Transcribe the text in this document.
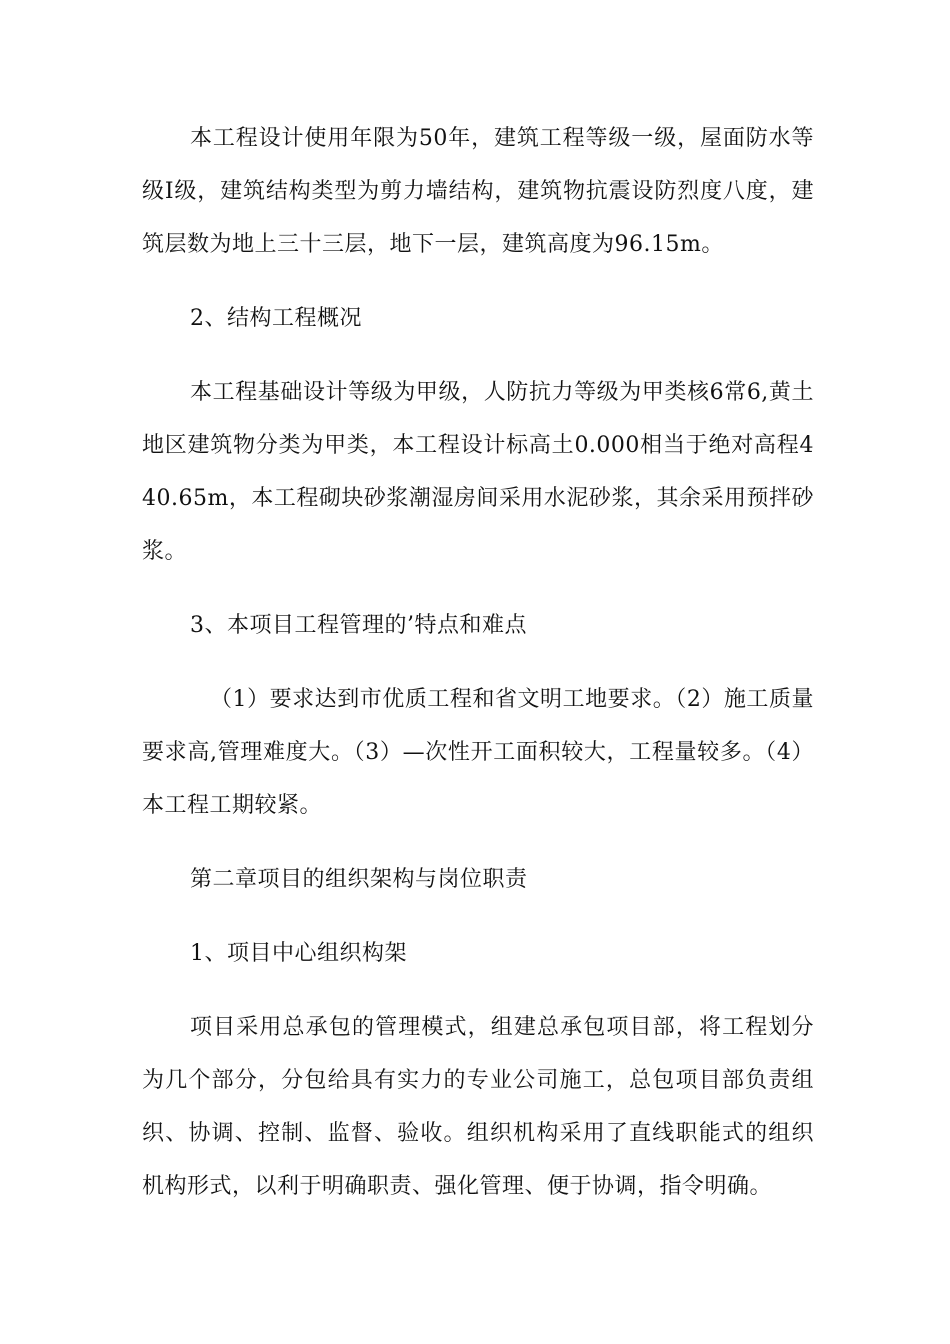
本工程设计使用年限为50年，建筑工程等级一级，屋面防水等级Ⅰ级，建筑结构类型为剪力墙结构，建筑物抗震设防烈度八度，建筑层数为地上三十三层，地下一层，建筑高度为96.15m。

2、结构工程概况

本工程基础设计等级为甲级，人防抗力等级为甲类核6常6,黄土地区建筑物分类为甲类，本工程设计标高土0.000相当于绝对高程440.65m，本工程砌块砂浆潮湿房间采用水泥砂浆，其余采用预拌砂浆。

3、本项目工程管理的’特点和难点

（1）要求达到市优质工程和省文明工地要求。（2）施工质量要求高,管理难度大。（3）—次性开工面积较大，工程量较多。（4）本工程工期较紧。

第二章项目的组织架构与岗位职责

1、项目中心组织构架

项目采用总承包的管理模式，组建总承包项目部，将工程划分为几个部分，分包给具有实力的专业公司施工，总包项目部负责组织、协调、控制、监督、验收。组织机构采用了直线职能式的组织机构形式，以利于明确职责、强化管理、便于协调，指令明确。
